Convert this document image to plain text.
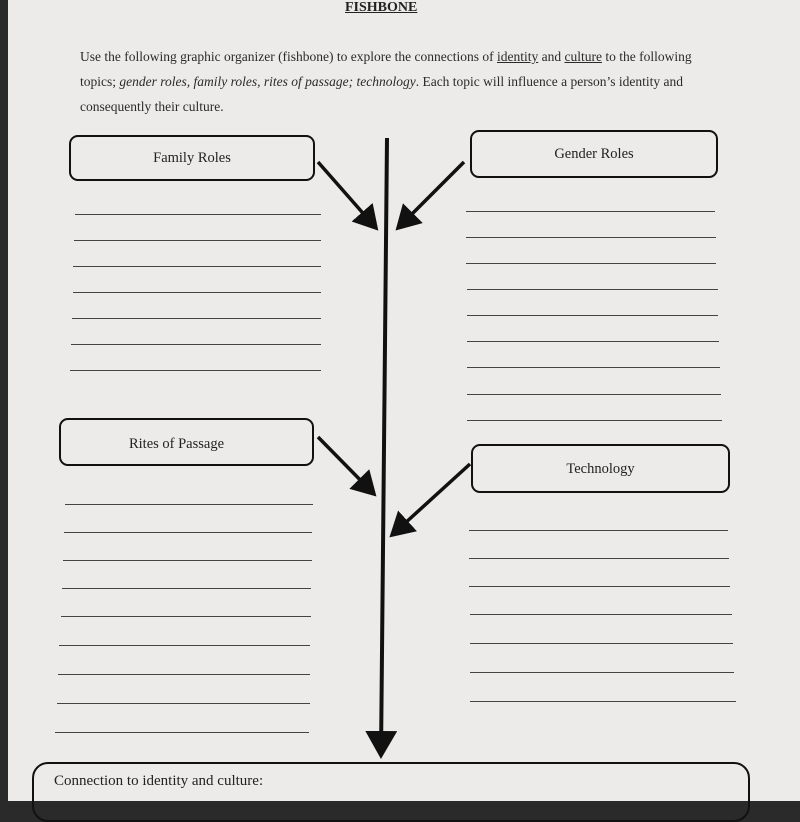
FISHBONE
Use the following graphic organizer (fishbone) to explore the connections of identity and culture to the following topics; gender roles, family roles, rites of passage; technology. Each topic will influence a person’s identity and consequently their culture.
Family Roles	Gender Roles
Rites of Passage
Technology
Connection to identity and culture:
